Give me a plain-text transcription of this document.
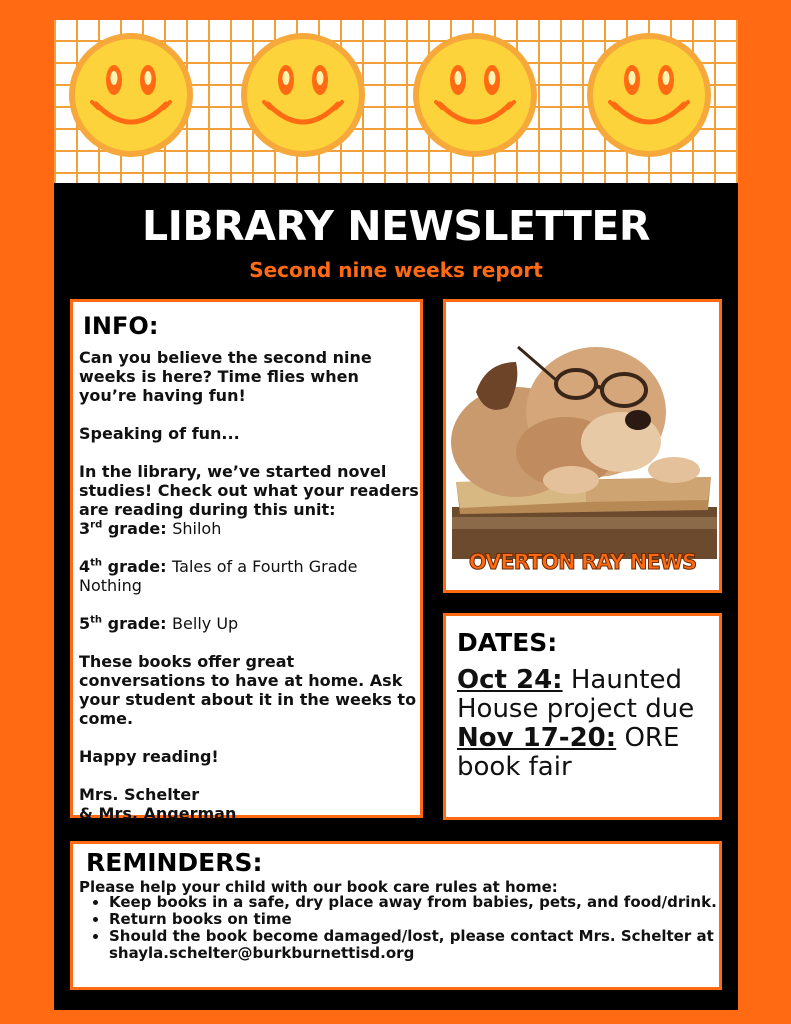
LIBRARY NEWSLETTER
Second nine weeks report
INFO:

Can you believe the second nine weeks is here? Time flies when you’re having fun!

Speaking of fun...

In the library, we’ve started novel studies! Check out what your readers are reading during this unit:

3rd grade: Shiloh

4th grade: Tales of a Fourth Grade Nothing

5th grade: Belly Up

These books offer great conversations to have at home. Ask your student about it in the weeks to come.

Happy reading!

Mrs. Schelter

& Mrs. Angerman

OVERTON RAY NEWS
DATES:
Oct 24: Haunted House project due
Nov 17-20: ORE book fair
REMINDERS:

Please help your child with our book care rules at home:

• Keep books in a safe, dry place away from babies, pets, and food/drink.
• Return books on time
• Should the book become damaged/lost, please contact Mrs. Schelter at shayla.schelter@burkburnettisd.org
